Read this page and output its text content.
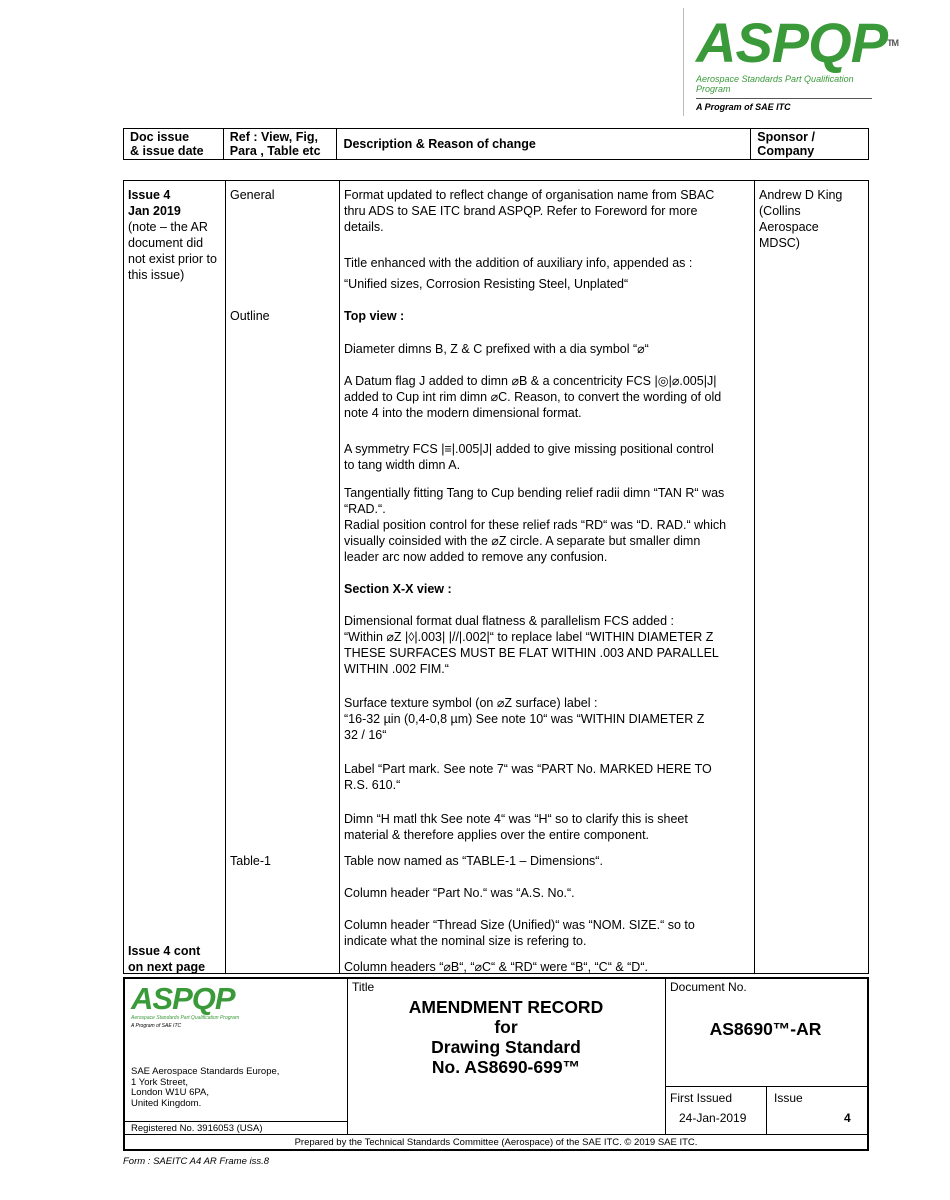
ASPQP™
Aerospace Standards Part Qualification Program
A Program of SAE ITC
Doc issue
& issue date
Ref : View, Fig,
Para , Table etc Description & Reason of change	Sponsor /
Company
Issue 4
Jan 2019
(note – the AR
document did
not exist prior to
this issue)
Issue 4 cont
on next page
General
Outline
Table-1
Format updated to reflect change of organisation name from SBAC
thru ADS to SAE ITC brand ASPQP. Refer to Foreword for more
details.
Title enhanced with the addition of auxiliary info, appended as :
“Unified sizes, Corrosion Resisting Steel, Unplated“
Top view :
Diameter dimns B, Z & C prefixed with a dia symbol “⌀“
A Datum flag J added to dimn ⌀B & a concentricity FCS |◎|⌀.005|J|
added to Cup int rim dimn ⌀C. Reason, to convert the wording of old
note 4 into the modern dimensional format.
A symmetry FCS |≡|.005|J| added to give missing positional control
to tang width dimn A.
Tangentially fitting Tang to Cup bending relief radii dimn “TAN R“ was
“RAD.“.
Radial position control for these relief rads “RD“ was “D. RAD.“ which
visually coinsided with the ⌀Z circle. A separate but smaller dimn
leader arc now added to remove any confusion.
Section X-X view :
Dimensional format dual flatness & parallelism FCS added :
“Within ⌀Z |◊|.003| |//|.002|“ to replace label “WITHIN DIAMETER Z
THESE SURFACES MUST BE FLAT WITHIN .003 AND PARALLEL
WITHIN .002 FIM.“
Surface texture symbol (on ⌀Z surface) label :
“16-32 µin (0,4-0,8 µm) See note 10“ was “WITHIN DIAMETER Z
32 / 16“
Label “Part mark. See note 7“ was “PART No. MARKED HERE TO
R.S. 610.“
Dimn “H matl thk See note 4“ was “H“ so to clarify this is sheet
material & therefore applies over the entire component.
Table now named as “TABLE-1 – Dimensions“.
Column header “Part No.“ was “A.S. No.“.
Column header “Thread Size (Unified)“ was “NOM. SIZE.“ so to
indicate what the nominal size is refering to.
Column headers “⌀B“, “⌀C“ & “RD“ were “B“, “C“ & “D“.
Andrew D King
(Collins
Aerospace
MDSC)
ASPQP
Aerospace Standards Part Qualification Program
A Program of SAE ITC
SAE Aerospace Standards Europe,
1 York Street,
London W1U 6PA,
United Kingdom.
Registered No. 3916053 (USA)
Title
AMENDMENT RECORD
for
Drawing Standard
No. AS8690-699™
Document No.
AS8690™-AR
First Issued
24-Jan-2019
Issue
4
Prepared by the Technical Standards Committee (Aerospace) of the SAE ITC. © 2019 SAE ITC.
Form : SAEITC A4 AR Frame iss.8
